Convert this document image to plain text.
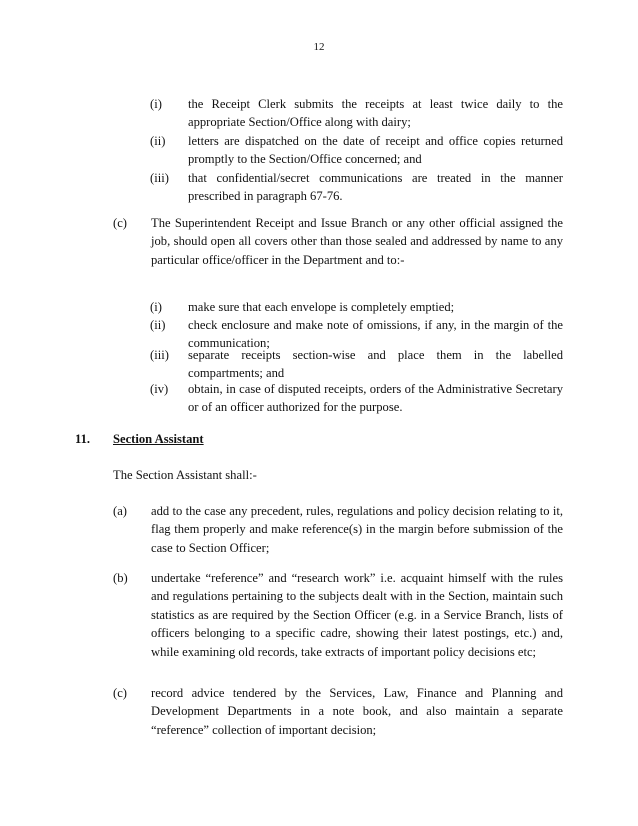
12
(i)	the Receipt Clerk submits the receipts at least twice daily to the appropriate Section/Office along with dairy;
(ii)	letters are dispatched on the date of receipt and office copies returned promptly to the Section/Office concerned; and
(iii)	that confidential/secret communications are treated in the manner prescribed in paragraph 67-76.
(c)	The Superintendent Receipt and Issue Branch or any other official assigned the job, should open all covers other than those sealed and addressed by name to any particular office/officer in the Department and to:-
(i)	make sure that each envelope is completely emptied;
(ii)	check enclosure and make note of omissions, if any, in the margin of the communication;
(iii)	separate receipts section-wise and place them in the labelled compartments; and
(iv)	obtain, in case of disputed receipts, orders of the Administrative Secretary or of an officer authorized for the purpose.
11.	Section Assistant
The Section Assistant shall:-
(a)	add to the case any precedent, rules, regulations and policy decision relating to it, flag them properly and make reference(s) in the margin before submission of the case to Section Officer;
(b)	undertake “reference” and “research work” i.e. acquaint himself with the rules and regulations pertaining to the subjects dealt with in the Section, maintain such statistics as are required by the Section Officer (e.g. in a Service Branch, lists of officers belonging to a specific cadre, showing their latest postings, etc.) and, while examining old records, take extracts of important policy decisions etc;
(c)	record advice tendered by the Services, Law, Finance and Planning and Development Departments in a note book, and also maintain a separate “reference” collection of important decision;
